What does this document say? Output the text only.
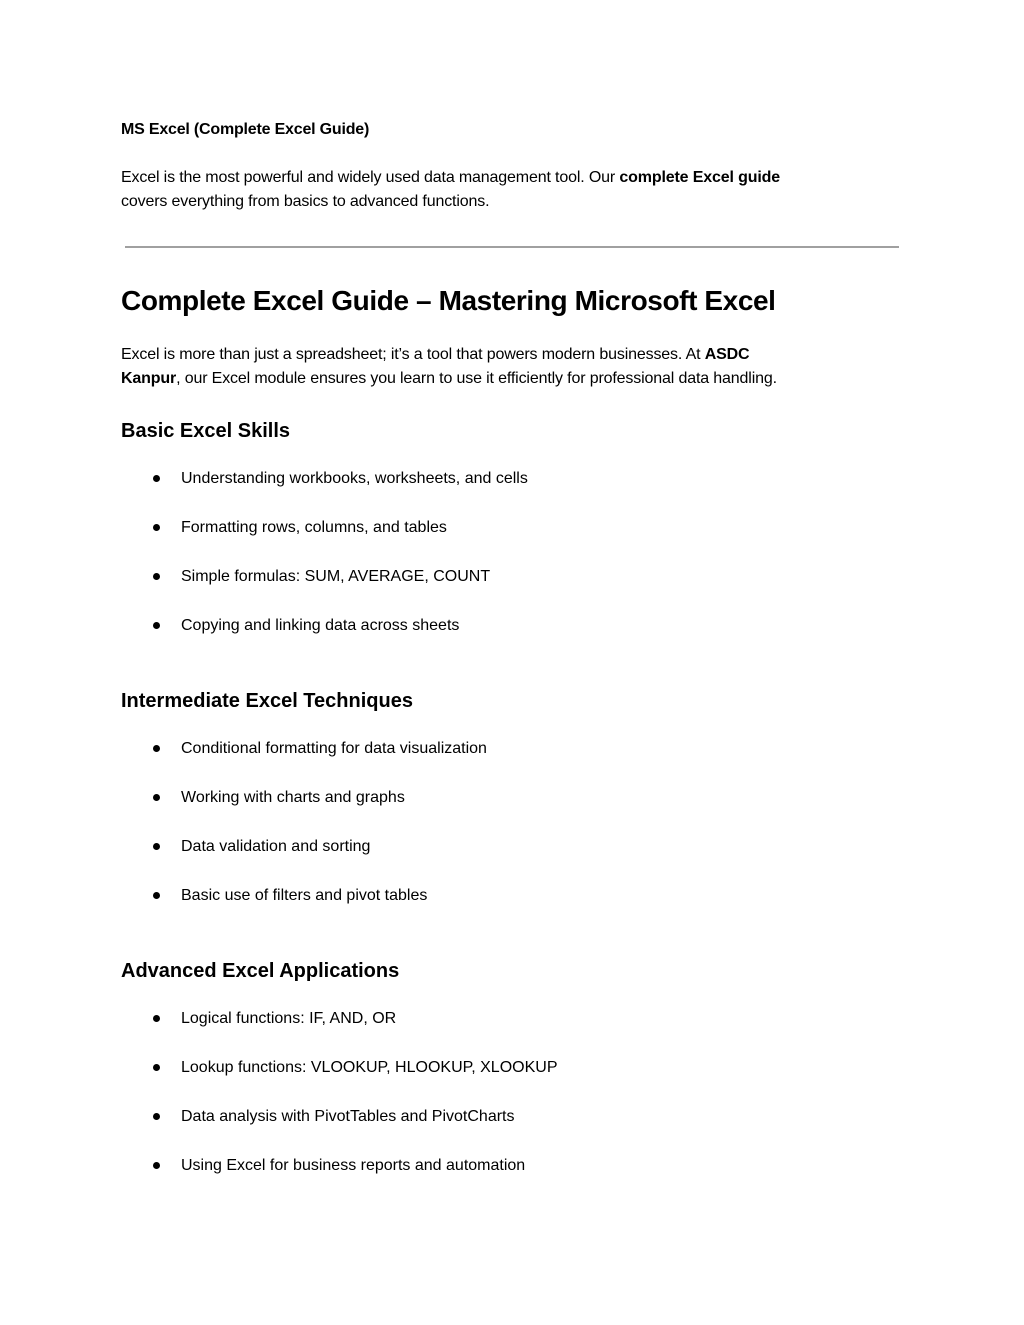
MS Excel (Complete Excel Guide)
Excel is the most powerful and widely used data management tool. Our complete Excel guide
covers everything from basics to advanced functions.
Complete Excel Guide – Mastering Microsoft Excel
Excel is more than just a spreadsheet; it’s a tool that powers modern businesses. At ASDC
Kanpur, our Excel module ensures you learn to use it efficiently for professional data handling.
Basic Excel Skills
Understanding workbooks, worksheets, and cells
Formatting rows, columns, and tables
Simple formulas: SUM, AVERAGE, COUNT
Copying and linking data across sheets
Intermediate Excel Techniques
Conditional formatting for data visualization
Working with charts and graphs
Data validation and sorting
Basic use of filters and pivot tables
Advanced Excel Applications
Logical functions: IF, AND, OR
Lookup functions: VLOOKUP, HLOOKUP, XLOOKUP
Data analysis with PivotTables and PivotCharts
Using Excel for business reports and automation
